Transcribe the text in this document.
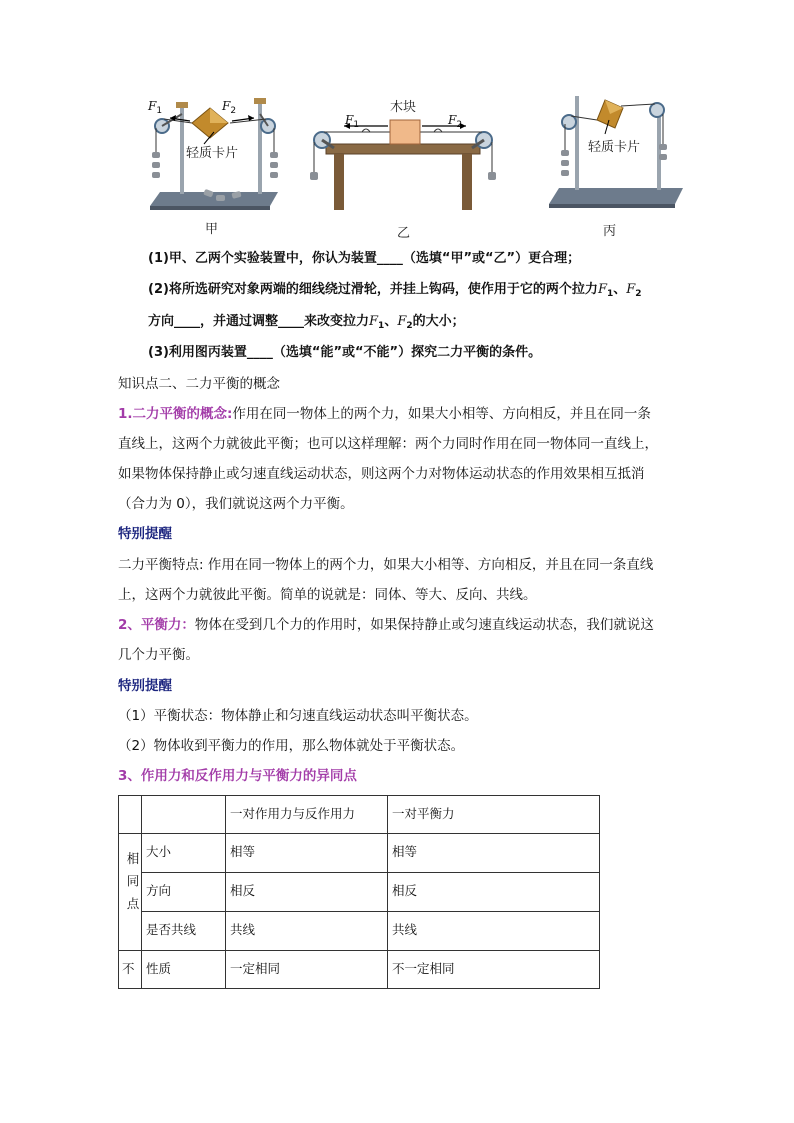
$F_1$	$F_2$
轻质卡片
甲
木块
$F_1$	$F_2$
乙
轻质卡片
丙
(1)甲、乙两个实验装置中，你认为装置____（选填“甲”或“乙”）更合理；
(2)将所选研究对象两端的细线绕过滑轮，并挂上钩码，使作用于它的两个拉力$F_1$、$F_2$
方向____，并通过调整____来改变拉力$F_1$、$F_2$的大小；
(3)利用图丙装置____（选填“能”或“不能”）探究二力平衡的条件。
知识点二、二力平衡的概念
1.二力平衡的概念:作用在同一物体上的两个力，如果大小相等、方向相反，并且在同一条
直线上，这两个力就彼此平衡；也可以这样理解：两个力同时作用在同一物体同一直线上，
如果物体保持静止或匀速直线运动状态，则这两个力对物体运动状态的作用效果相互抵消
（合力为 0），我们就说这两个力平衡。
特别提醒
二力平衡特点: 作用在同一物体上的两个力，如果大小相等、方向相反，并且在同一条直线
上，这两个力就彼此平衡。简单的说就是：同体、等大、反向、共线。
2、平衡力：物体在受到几个力的作用时，如果保持静止或匀速直线运动状态，我们就说这
几个力平衡。
特别提醒
（1）平衡状态：物体静止和匀速直线运动状态叫平衡状态。
（2）物体收到平衡力的作用，那么物体就处于平衡状态。
3、作用力和反作用力与平衡力的异同点
		一对作用力与反作用力	一对平衡力
相同点	大小	相等	相等
	方向	相反	相反
	是否共线	共线	共线
不	性质	一定相同	不一定相同
